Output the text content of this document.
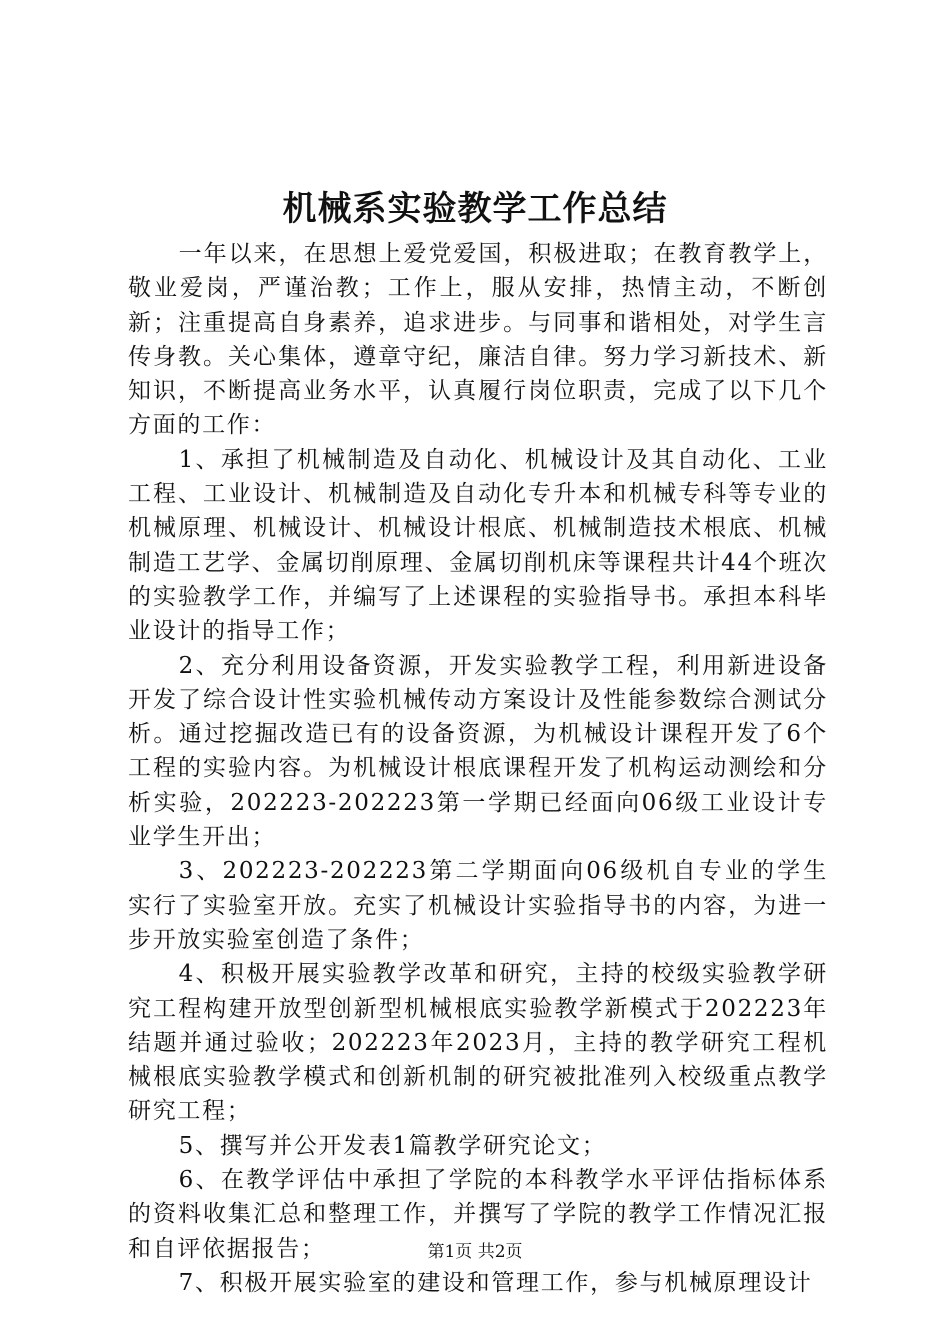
机械系实验教学工作总结

一年以来，在思想上爱党爱国，积极进取；在教育教学上，敬业爱岗，严谨治教；工作上，服从安排，热情主动，不断创新；注重提高自身素养，追求进步。与同事和谐相处，对学生言传身教。关心集体，遵章守纪，廉洁自律。努力学习新技术、新知识，不断提高业务水平，认真履行岗位职责，完成了以下几个方面的工作：

1、承担了机械制造及自动化、机械设计及其自动化、工业工程、工业设计、机械制造及自动化专升本和机械专科等专业的机械原理、机械设计、机械设计根底、机械制造技术根底、机械制造工艺学、金属切削原理、金属切削机床等课程共计44个班次的实验教学工作，并编写了上述课程的实验指导书。承担本科毕业设计的指导工作；

2、充分利用设备资源，开发实验教学工程，利用新进设备开发了综合设计性实验机械传动方案设计及性能参数综合测试分析。通过挖掘改造已有的设备资源，为机械设计课程开发了6个工程的实验内容。为机械设计根底课程开发了机构运动测绘和分析实验，202223-202223第一学期已经面向06级工业设计专业学生开出；

3、202223-202223第二学期面向06级机自专业的学生实行了实验室开放。充实了机械设计实验指导书的内容，为进一步开放实验室创造了条件；

4、积极开展实验教学改革和研究，主持的校级实验教学研究工程构建开放型创新型机械根底实验教学新模式于202223年结题并通过验收；202223年2023月，主持的教学研究工程机械根底实验教学模式和创新机制的研究被批准列入校级重点教学研究工程；

5、撰写并公开发表1篇教学研究论文；

6、在教学评估中承担了学院的本科教学水平评估指标体系的资料收集汇总和整理工作，并撰写了学院的教学工作情况汇报和自评依据报告；

7、积极开展实验室的建设和管理工作，参与机械原理设计

第1页 共2页
